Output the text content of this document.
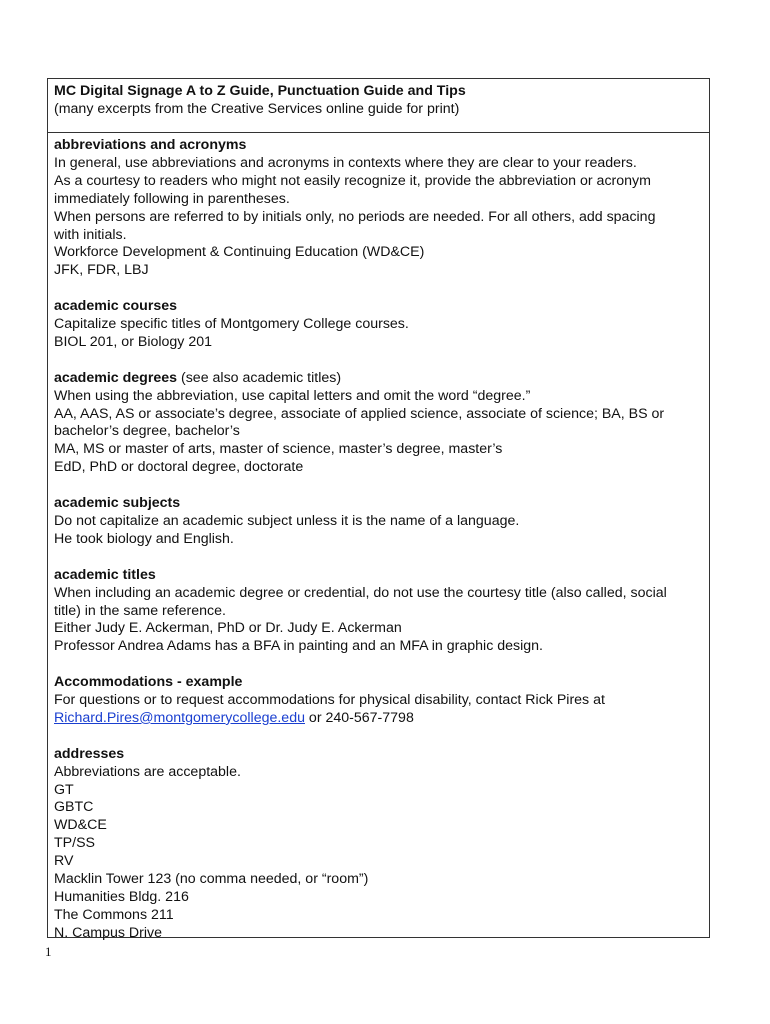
MC Digital Signage A to Z Guide, Punctuation Guide and Tips

(many excerpts from the Creative Services online guide for print)

abbreviations and acronyms

In general, use abbreviations and acronyms in contexts where they are clear to your readers.

As a courtesy to readers who might not easily recognize it, provide the abbreviation or acronym

immediately following in parentheses.

When persons are referred to by initials only, no periods are needed. For all others, add spacing

with initials.

Workforce Development & Continuing Education (WD&CE)

JFK, FDR, LBJ

academic courses

Capitalize specific titles of Montgomery College courses.

BIOL 201, or Biology 201

academic degrees (see also academic titles)

When using the abbreviation, use capital letters and omit the word “degree.”

AA, AAS, AS or associate’s degree, associate of applied science, associate of science; BA, BS or

bachelor’s degree, bachelor’s

MA, MS or master of arts, master of science, master’s degree, master’s

EdD, PhD or doctoral degree, doctorate

academic subjects

Do not capitalize an academic subject unless it is the name of a language.

He took biology and English.

academic titles

When including an academic degree or credential, do not use the courtesy title (also called, social

title) in the same reference.

Either Judy E. Ackerman, PhD or Dr. Judy E. Ackerman

Professor Andrea Adams has a BFA in painting and an MFA in graphic design.

Accommodations - example

For questions or to request accommodations for physical disability, contact Rick Pires at

Richard.Pires@montgomerycollege.edu or 240-567-7798

addresses

Abbreviations are acceptable.

GT

GBTC

WD&CE

TP/SS

RV

Macklin Tower 123 (no comma needed, or “room”)

Humanities Bldg. 216

The Commons 211

N. Campus Drive

1
